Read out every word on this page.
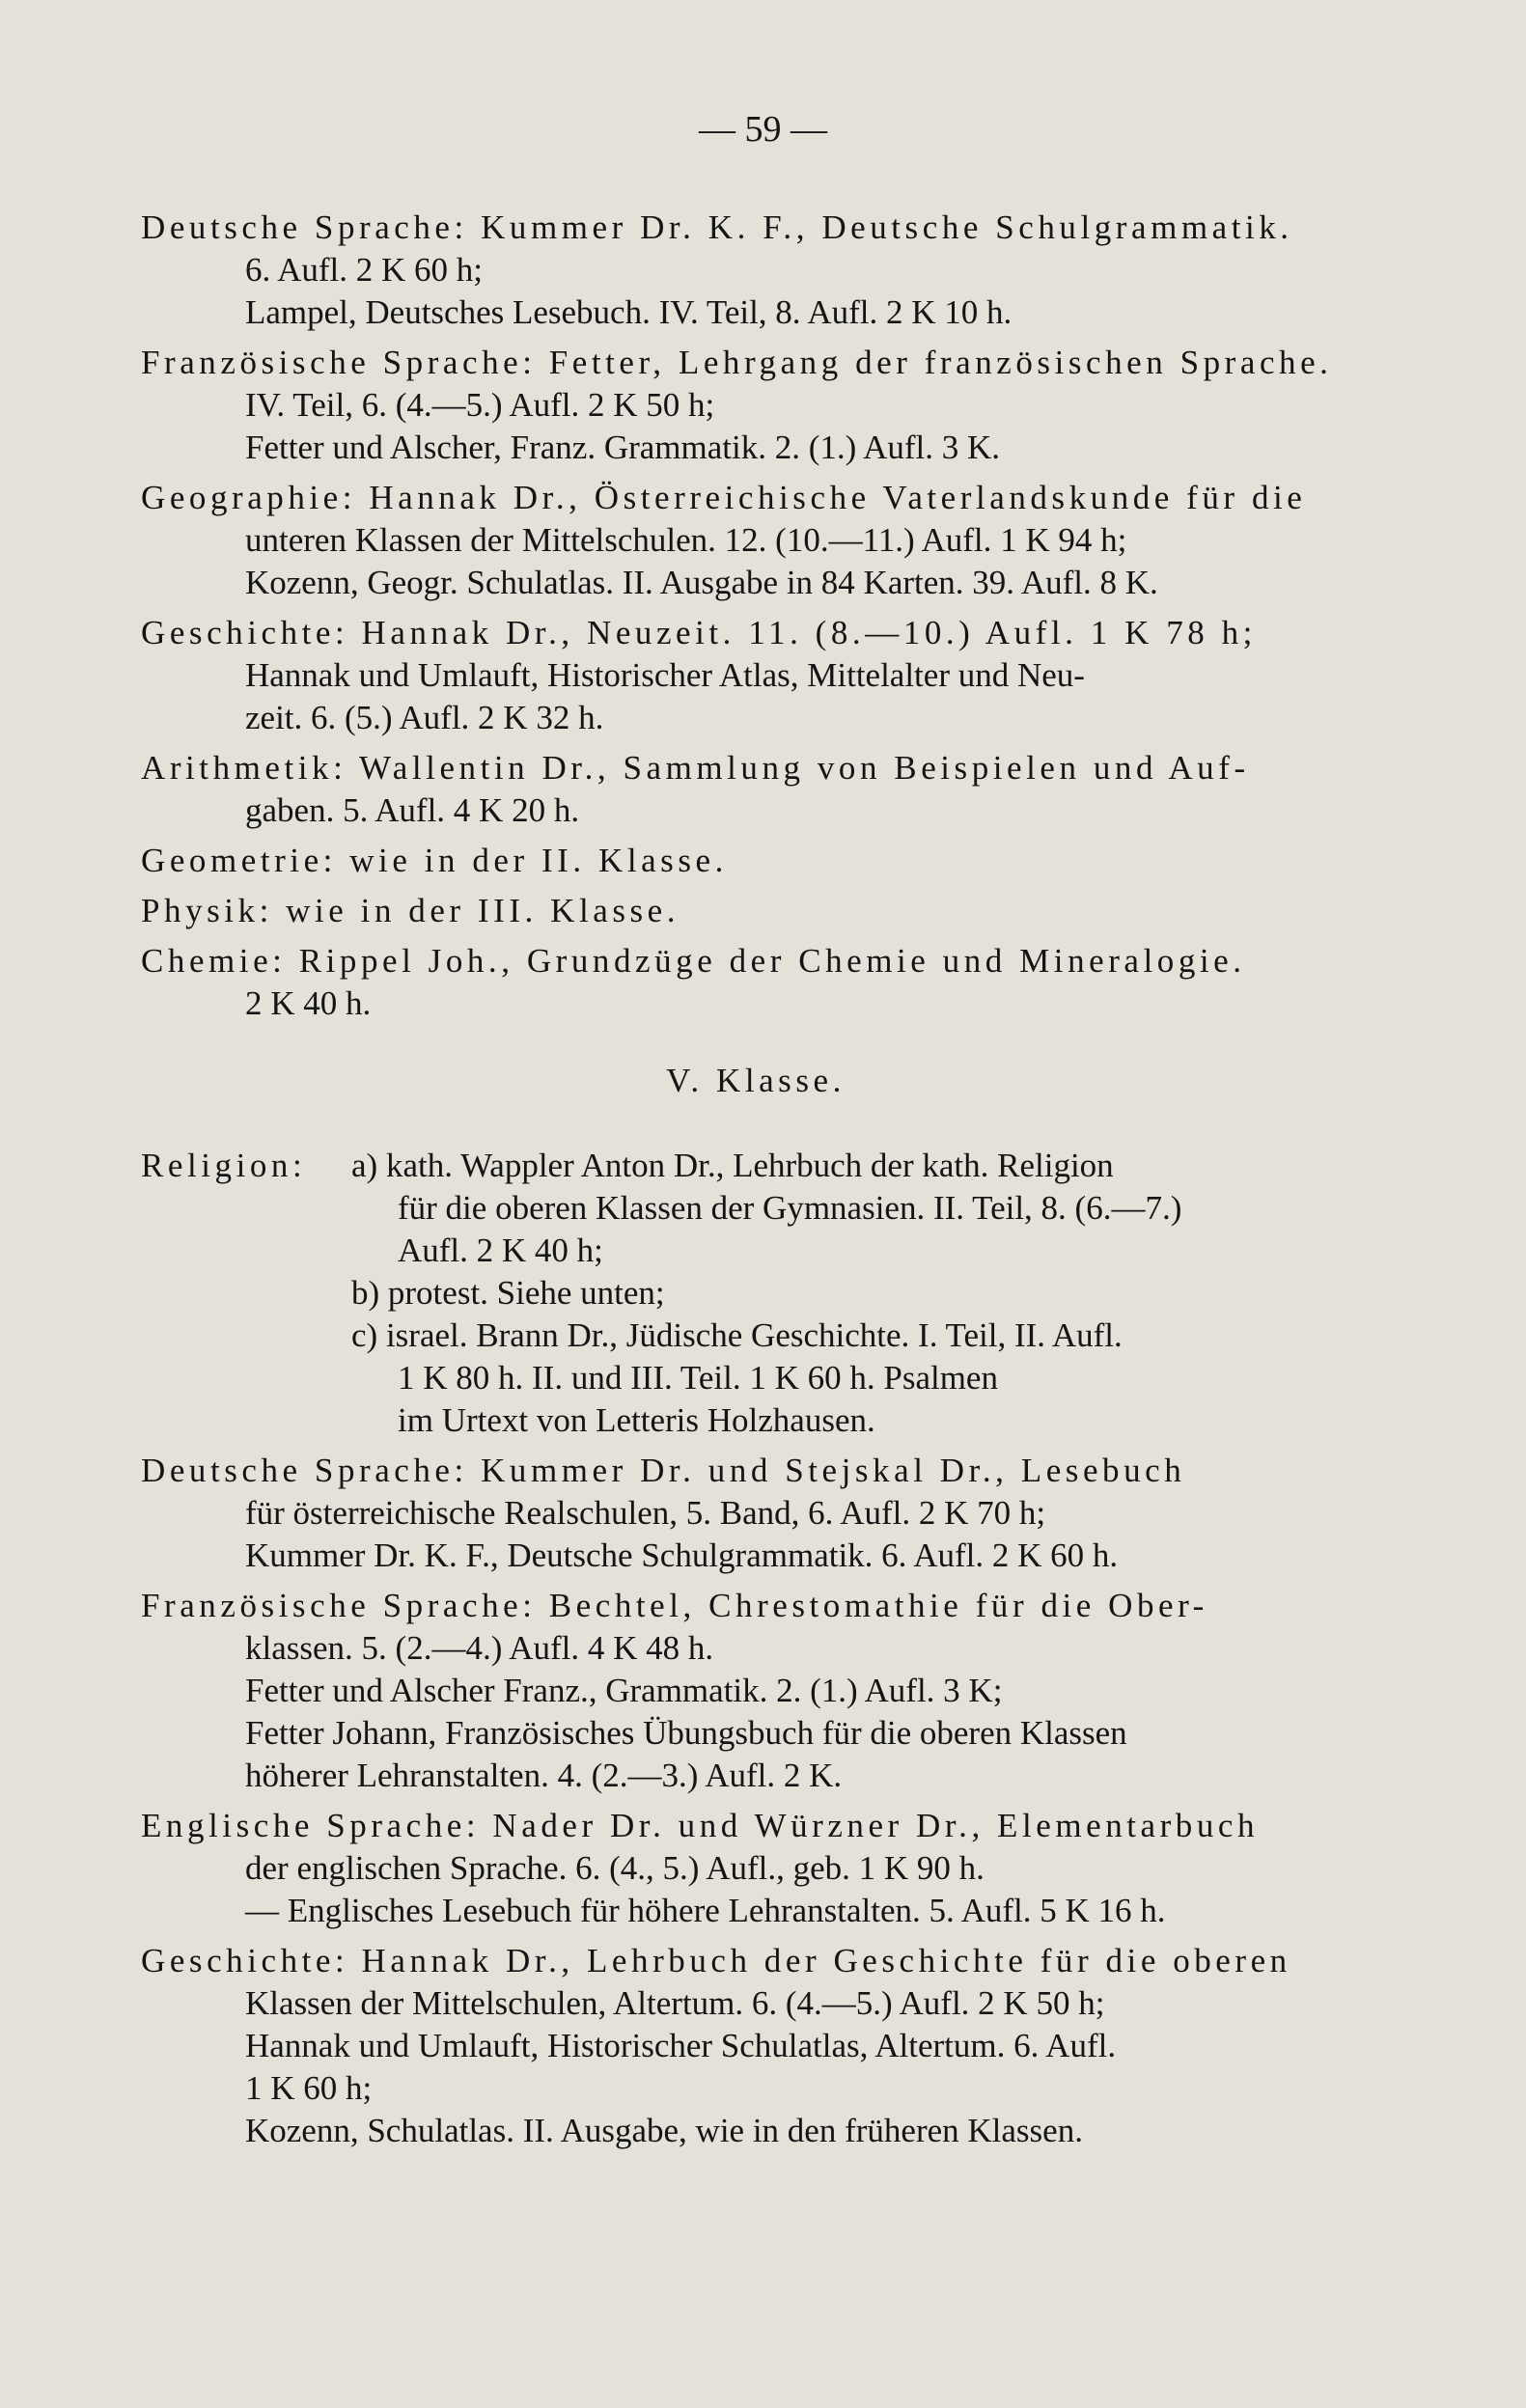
— 59 —
Deutsche Sprache: Kummer Dr. K. F., Deutsche Schulgrammatik.
6. Aufl. 2 K 60 h;
Lampel, Deutsches Lesebuch. IV. Teil, 8. Aufl. 2 K 10 h.
Französische Sprache: Fetter, Lehrgang der französischen Sprache.
IV. Teil, 6. (4.—5.) Aufl. 2 K 50 h;
Fetter und Alscher, Franz. Grammatik. 2. (1.) Aufl. 3 K.
Geographie: Hannak Dr., Österreichische Vaterlandskunde für die
unteren Klassen der Mittelschulen. 12. (10.—11.) Aufl. 1 K 94 h;
Kozenn, Geogr. Schulatlas. II. Ausgabe in 84 Karten. 39. Aufl. 8 K.
Geschichte: Hannak Dr., Neuzeit. 11. (8.—10.) Aufl. 1 K 78 h;
Hannak und Umlauft, Historischer Atlas, Mittelalter und Neu-
zeit. 6. (5.) Aufl. 2 K 32 h.
Arithmetik: Wallentin Dr., Sammlung von Beispielen und Auf-
gaben. 5. Aufl. 4 K 20 h.
Geometrie: wie in der II. Klasse.
Physik: wie in der III. Klasse.
Chemie: Rippel Joh., Grundzüge der Chemie und Mineralogie.
2 K 40 h.
V. Klasse.
Religion:	a) kath. Wappler Anton Dr., Lehrbuch der kath. Religion
für die oberen Klassen der Gymnasien. II. Teil, 8. (6.—7.)
Aufl. 2 K 40 h;
b) protest. Siehe unten;
c) israel. Brann Dr., Jüdische Geschichte. I. Teil, II. Aufl.
1 K 80 h. II. und III. Teil. 1 K 60 h. Psalmen
im Urtext von Letteris Holzhausen.
Deutsche Sprache: Kummer Dr. und Stejskal Dr., Lesebuch
für österreichische Realschulen, 5. Band, 6. Aufl. 2 K 70 h;
Kummer Dr. K. F., Deutsche Schulgrammatik. 6. Aufl. 2 K 60 h.
Französische Sprache: Bechtel, Chrestomathie für die Ober-
klassen. 5. (2.—4.) Aufl. 4 K 48 h.
Fetter und Alscher Franz., Grammatik. 2. (1.) Aufl. 3 K;
Fetter Johann, Französisches Übungsbuch für die oberen Klassen
höherer Lehranstalten. 4. (2.—3.) Aufl. 2 K.
Englische Sprache: Nader Dr. und Würzner Dr., Elementarbuch
der englischen Sprache. 6. (4., 5.) Aufl., geb. 1 K 90 h.
— Englisches Lesebuch für höhere Lehranstalten. 5. Aufl. 5 K 16 h.
Geschichte: Hannak Dr., Lehrbuch der Geschichte für die oberen
Klassen der Mittelschulen, Altertum. 6. (4.—5.) Aufl. 2 K 50 h;
Hannak und Umlauft, Historischer Schulatlas, Altertum. 6. Aufl.
1 K 60 h;
Kozenn, Schulatlas. II. Ausgabe, wie in den früheren Klassen.
